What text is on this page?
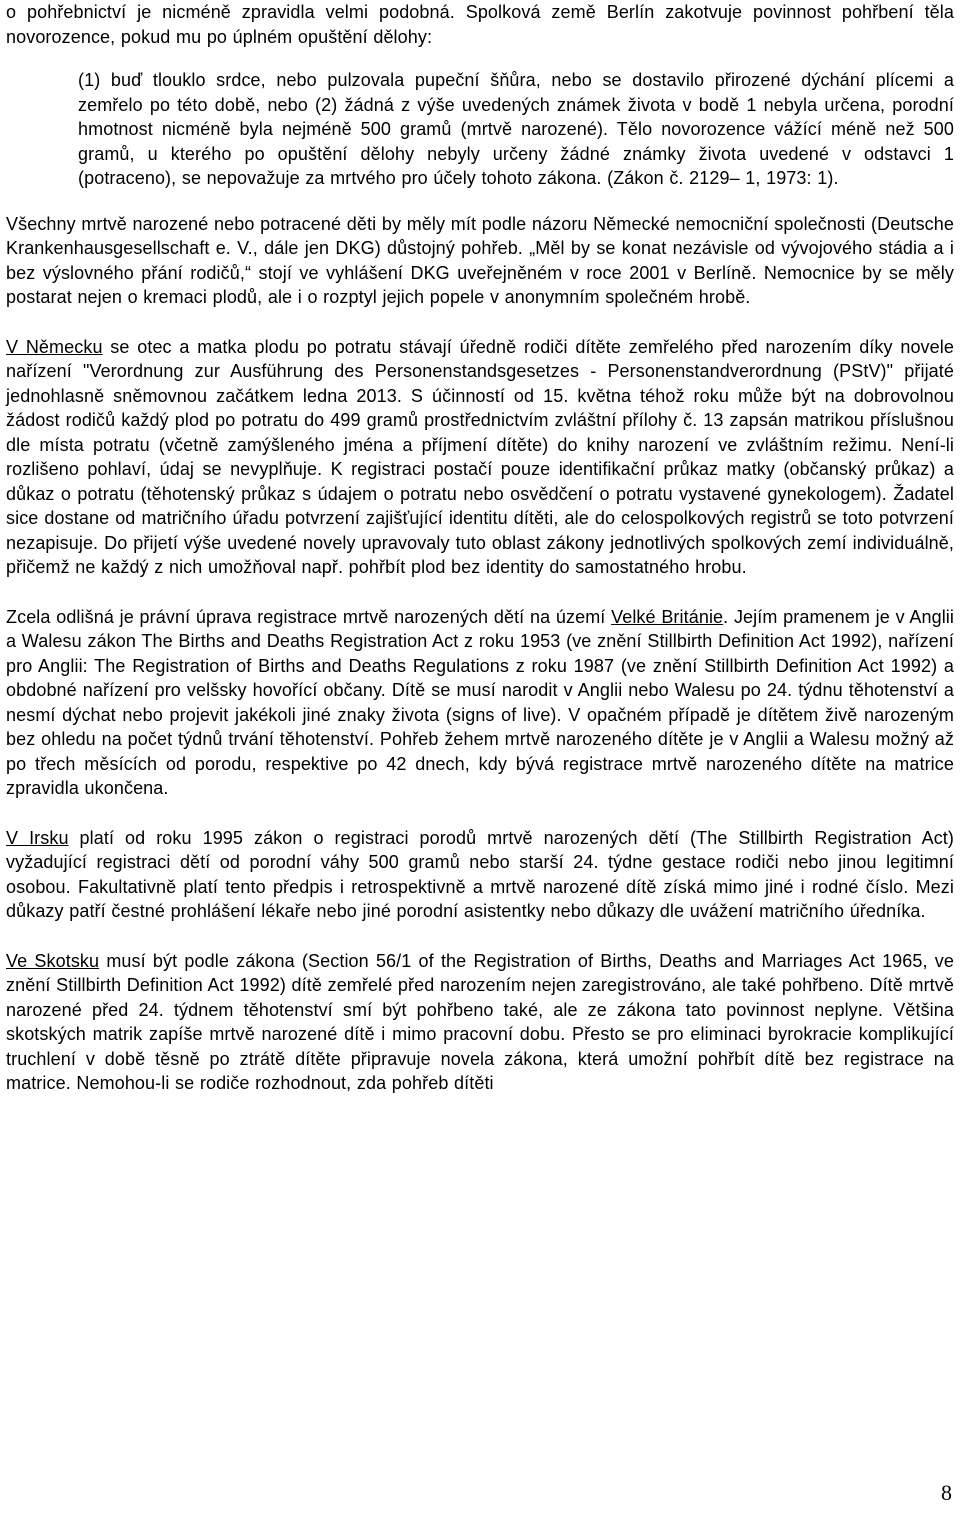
o pohřebnictví je nicméně zpravidla velmi podobná. Spolková země Berlín zakotvuje povinnost pohřbení těla novorozence, pokud mu po úplném opuštění dělohy:

(1) buď tlouklo srdce, nebo pulzovala pupeční šňůra, nebo se dostavilo přirozené dýchání plícemi a zemřelo po této době, nebo (2) žádná z výše uvedených známek života v bodě 1 nebyla určena, porodní hmotnost nicméně byla nejméně 500 gramů (mrtvě narozené). Tělo novorozence vážící méně než 500 gramů, u kterého po opuštění dělohy nebyly určeny žádné známky života uvedené v odstavci 1 (potraceno), se nepovažuje za mrtvého pro účely tohoto zákona. (Zákon č. 2129– 1, 1973: 1).

Všechny mrtvě narozené nebo potracené děti by měly mít podle názoru Německé nemocniční společnosti (Deutsche Krankenhausgesellschaft e. V., dále jen DKG) důstojný pohřeb. „Měl by se konat nezávisle od vývojového stádia a i bez výslovného přání rodičů,“ stojí ve vyhlášení DKG uveřejněném v roce 2001 v Berlíně. Nemocnice by se měly postarat nejen o kremaci plodů, ale i o rozptyl jejich popele v anonymním společném hrobě.

V Německu se otec a matka plodu po potratu stávají úředně rodiči dítěte zemřelého před narozením díky novele nařízení "Verordnung zur Ausführung des Personenstandsgesetzes - Personenstandverordnung (PStV)" přijaté jednohlasně sněmovnou začátkem ledna 2013. S účinností od 15. května téhož roku může být na dobrovolnou žádost rodičů každý plod po potratu do 499 gramů prostřednictvím zvláštní přílohy č. 13 zapsán matrikou příslušnou dle místa potratu (včetně zamýšleného jména a příjmení dítěte) do knihy narození ve zvláštním režimu. Není-li rozlišeno pohlaví, údaj se nevyplňuje. K registraci postačí pouze identifikační průkaz matky (občanský průkaz) a důkaz o potratu (těhotenský průkaz s údajem o potratu nebo osvědčení o potratu vystavené gynekologem). Žadatel sice dostane od matričního úřadu potvrzení zajišťující identitu dítěti, ale do celospolkových registrů se toto potvrzení nezapisuje. Do přijetí výše uvedené novely upravovaly tuto oblast zákony jednotlivých spolkových zemí individuálně, přičemž ne každý z nich umožňoval např. pohřbít plod bez identity do samostatného hrobu.

Zcela odlišná je právní úprava registrace mrtvě narozených dětí na území Velké Británie. Jejím pramenem je v Anglii a Walesu zákon The Births and Deaths Registration Act z roku 1953 (ve znění Stillbirth Definition Act 1992), nařízení pro Anglii: The Registration of Births and Deaths Regulations z roku 1987 (ve znění Stillbirth Definition Act 1992) a obdobné nařízení pro velšsky hovořící občany. Dítě se musí narodit v Anglii nebo Walesu po 24. týdnu těhotenství a nesmí dýchat nebo projevit jakékoli jiné znaky života (signs of live). V opačném případě je dítětem živě narozeným bez ohledu na počet týdnů trvání těhotenství. Pohřeb žehem mrtvě narozeného dítěte je v Anglii a Walesu možný až po třech měsících od porodu, respektive po 42 dnech, kdy bývá registrace mrtvě narozeného dítěte na matrice zpravidla ukončena.

V Irsku platí od roku 1995 zákon o registraci porodů mrtvě narozených dětí (The Stillbirth Registration Act) vyžadující registraci dětí od porodní váhy 500 gramů nebo starší 24. týdne gestace rodiči nebo jinou legitimní osobou. Fakultativně platí tento předpis i retrospektivně a mrtvě narozené dítě získá mimo jiné i rodné číslo. Mezi důkazy patří čestné prohlášení lékaře nebo jiné porodní asistentky nebo důkazy dle uvážení matričního úředníka.

Ve Skotsku musí být podle zákona (Section 56/1 of the Registration of Births, Deaths and Marriages Act 1965, ve znění Stillbirth Definition Act 1992) dítě zemřelé před narozením nejen zaregistrováno, ale také pohřbeno. Dítě mrtvě narozené před 24. týdnem těhotenství smí být pohřbeno také, ale ze zákona tato povinnost neplyne. Většina skotských matrik zapíše mrtvě narozené dítě i mimo pracovní dobu. Přesto se pro eliminaci byrokracie komplikující truchlení v době těsně po ztrátě dítěte připravuje novela zákona, která umožní pohřbít dítě bez registrace na matrice. Nemohou-li se rodiče rozhodnout, zda pohřeb dítěti

8
